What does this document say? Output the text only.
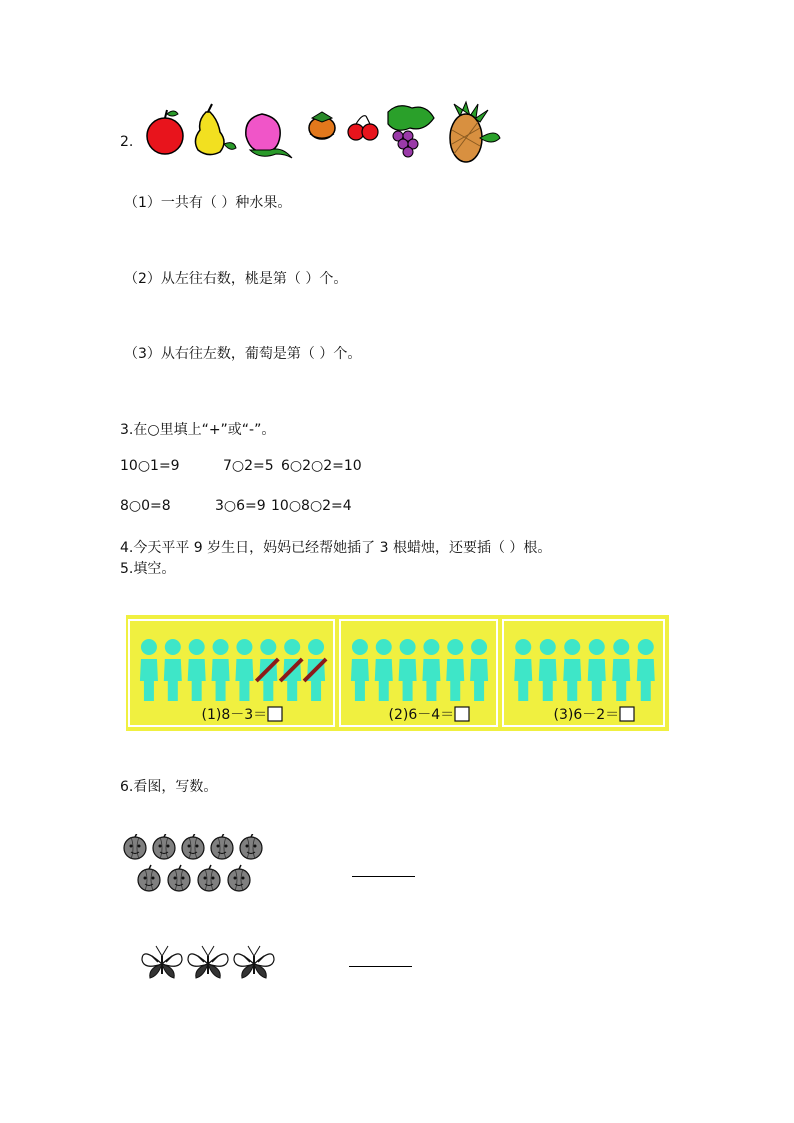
2.
（1）一共有（ ）种水果。
（2）从左往右数，桃是第（ ）个。
（3）从右往左数，葡萄是第（ ）个。
3.在○里填上“+”或“-”。
10○1=9	7○2=5 6○2○2=10
8○0=8	3○6=9 10○8○2=4
4.今天平平 9 岁生日，妈妈已经帮她插了 3 根蜡烛，还要插（ ）根。
5.填空。
(1)8－3＝	(2)6－4＝	(3)6－2＝
6.看图，写数。
